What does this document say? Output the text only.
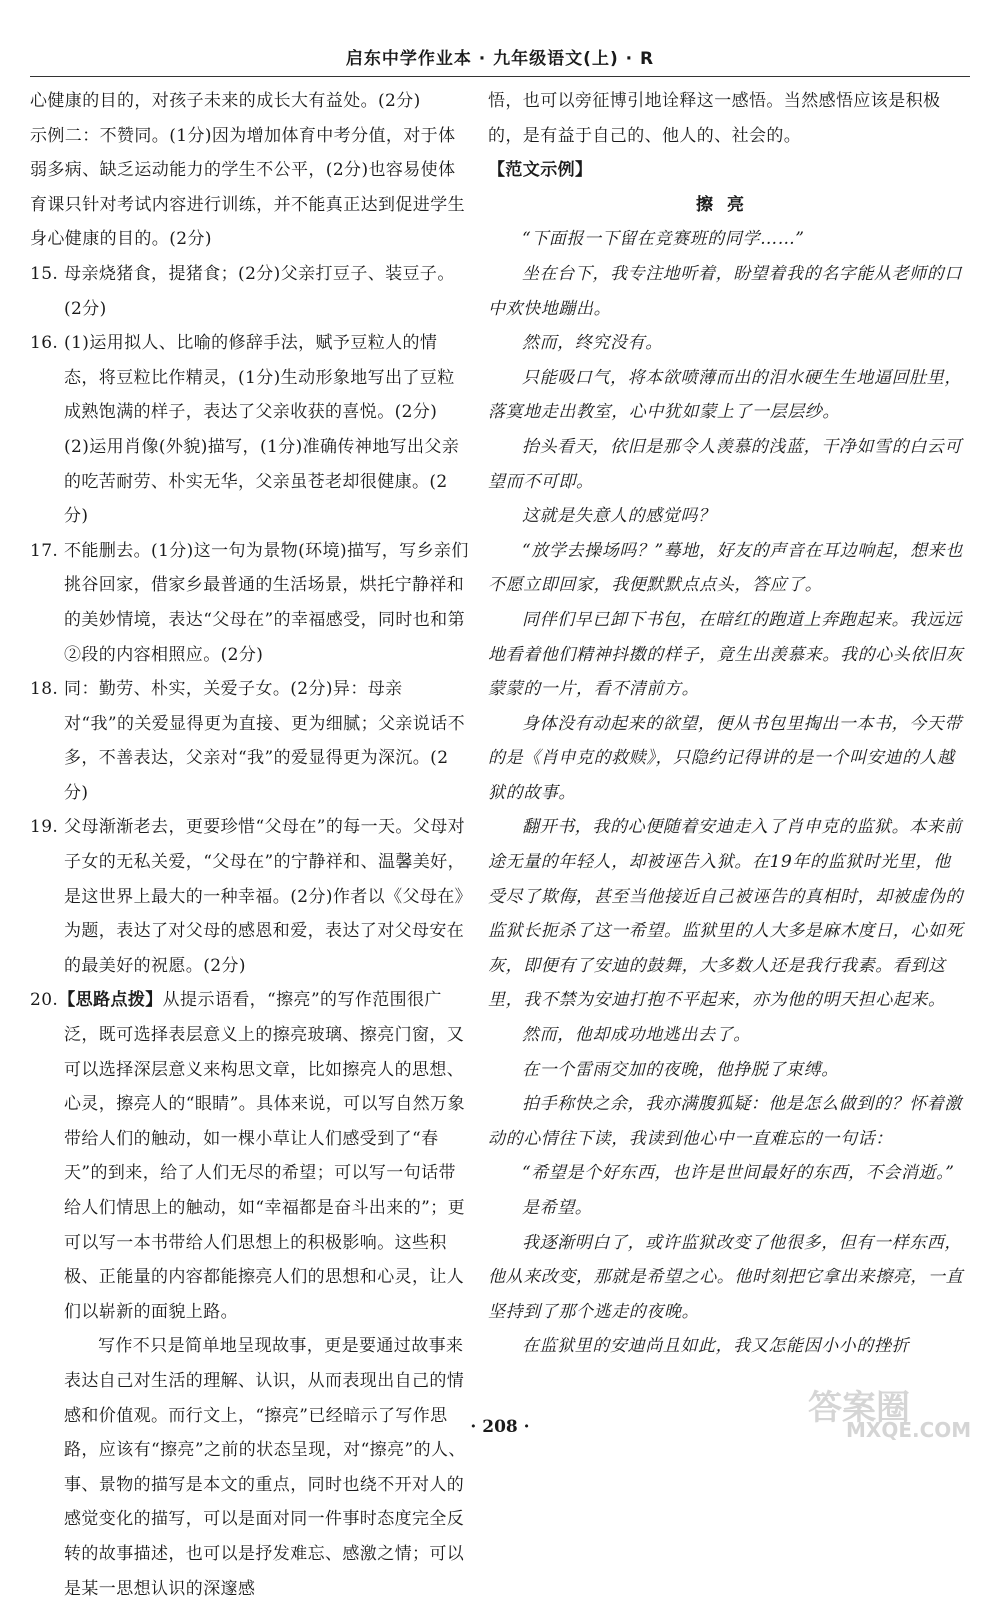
启东中学作业本 · 九年级语文(上) · R

心健康的目的，对孩子未来的成长大有益处。(2分)

示例二：不赞同。(1分)因为增加体育中考分值，对于体弱多病、缺乏运动能力的学生不公平，(2分)也容易使体育课只针对考试内容进行训练，并不能真正达到促进学生身心健康的目的。(2分)

15. 母亲烧猪食，提猪食；(2分)父亲打豆子、装豆子。(2分)

16. (1)运用拟人、比喻的修辞手法，赋予豆粒人的情态，将豆粒比作精灵，(1分)生动形象地写出了豆粒成熟饱满的样子，表达了父亲收获的喜悦。(2分)

(2)运用肖像(外貌)描写，(1分)准确传神地写出父亲的吃苦耐劳、朴实无华，父亲虽苍老却很健康。(2分)

17. 不能删去。(1分)这一句为景物(环境)描写，写乡亲们挑谷回家，借家乡最普通的生活场景，烘托宁静祥和的美妙情境，表达“父母在”的幸福感受，同时也和第②段的内容相照应。(2分)

18. 同：勤劳、朴实，关爱子女。(2分)异：母亲对“我”的关爱显得更为直接、更为细腻；父亲说话不多，不善表达，父亲对“我”的爱显得更为深沉。(2分)

19. 父母渐渐老去，更要珍惜“父母在”的每一天。父母对子女的无私关爱，“父母在”的宁静祥和、温馨美好，是这世界上最大的一种幸福。(2分)作者以《父母在》为题，表达了对父母的感恩和爱，表达了对父母安在的最美好的祝愿。(2分)

20.【思路点拨】从提示语看，“擦亮”的写作范围很广泛，既可选择表层意义上的擦亮玻璃、擦亮门窗，又可以选择深层意义来构思文章，比如擦亮人的思想、心灵，擦亮人的“眼睛”。具体来说，可以写自然万象带给人们的触动，如一棵小草让人们感受到了“春天”的到来，给了人们无尽的希望；可以写一句话带给人们情思上的触动，如“幸福都是奋斗出来的”；更可以写一本书带给人们思想上的积极影响。这些积极、正能量的内容都能擦亮人们的思想和心灵，让人们以崭新的面貌上路。

写作不只是简单地呈现故事，更是要通过故事来表达自己对生活的理解、认识，从而表现出自己的情感和价值观。而行文上，“擦亮”已经暗示了写作思路，应该有“擦亮”之前的状态呈现，对“擦亮”的人、事、景物的描写是本文的重点，同时也绕不开对人的感觉变化的描写，可以是面对同一件事时态度完全反转的故事描述，也可以是抒发难忘、感激之情；可以是某一思想认识的深邃感

悟，也可以旁征博引地诠释这一感悟。当然感悟应该是积极的，是有益于自己的、他人的、社会的。

【范文示例】

擦亮

“下面报一下留在竞赛班的同学……”

坐在台下，我专注地听着，盼望着我的名字能从老师的口中欢快地蹦出。

然而，终究没有。

只能吸口气，将本欲喷薄而出的泪水硬生生地逼回肚里，落寞地走出教室，心中犹如蒙上了一层层纱。

抬头看天，依旧是那令人羡慕的浅蓝，干净如雪的白云可望而不可即。

这就是失意人的感觉吗？

“放学去操场吗？”蓦地，好友的声音在耳边响起，想来也不愿立即回家，我便默默点点头，答应了。

同伴们早已卸下书包，在暗红的跑道上奔跑起来。我远远地看着他们精神抖擞的样子，竟生出羡慕来。我的心头依旧灰蒙蒙的一片，看不清前方。

身体没有动起来的欲望，便从书包里掏出一本书，今天带的是《肖申克的救赎》，只隐约记得讲的是一个叫安迪的人越狱的故事。

翻开书，我的心便随着安迪走入了肖申克的监狱。本来前途无量的年轻人，却被诬告入狱。在19年的监狱时光里，他受尽了欺侮，甚至当他接近自己被诬告的真相时，却被虚伪的监狱长扼杀了这一希望。监狱里的人大多是麻木度日，心如死灰，即便有了安迪的鼓舞，大多数人还是我行我素。看到这里，我不禁为安迪打抱不平起来，亦为他的明天担心起来。

然而，他却成功地逃出去了。

在一个雷雨交加的夜晚，他挣脱了束缚。

拍手称快之余，我亦满腹狐疑：他是怎么做到的？怀着激动的心情往下读，我读到他心中一直难忘的一句话：

“希望是个好东西，也许是世间最好的东西，不会消逝。”

是希望。

我逐渐明白了，或许监狱改变了他很多，但有一样东西，他从来改变，那就是希望之心。他时刻把它拿出来擦亮，一直坚持到了那个逃走的夜晚。

在监狱里的安迪尚且如此，我又怎能因小小的挫折

· 208 ·	答案圈
MXQE.COM
